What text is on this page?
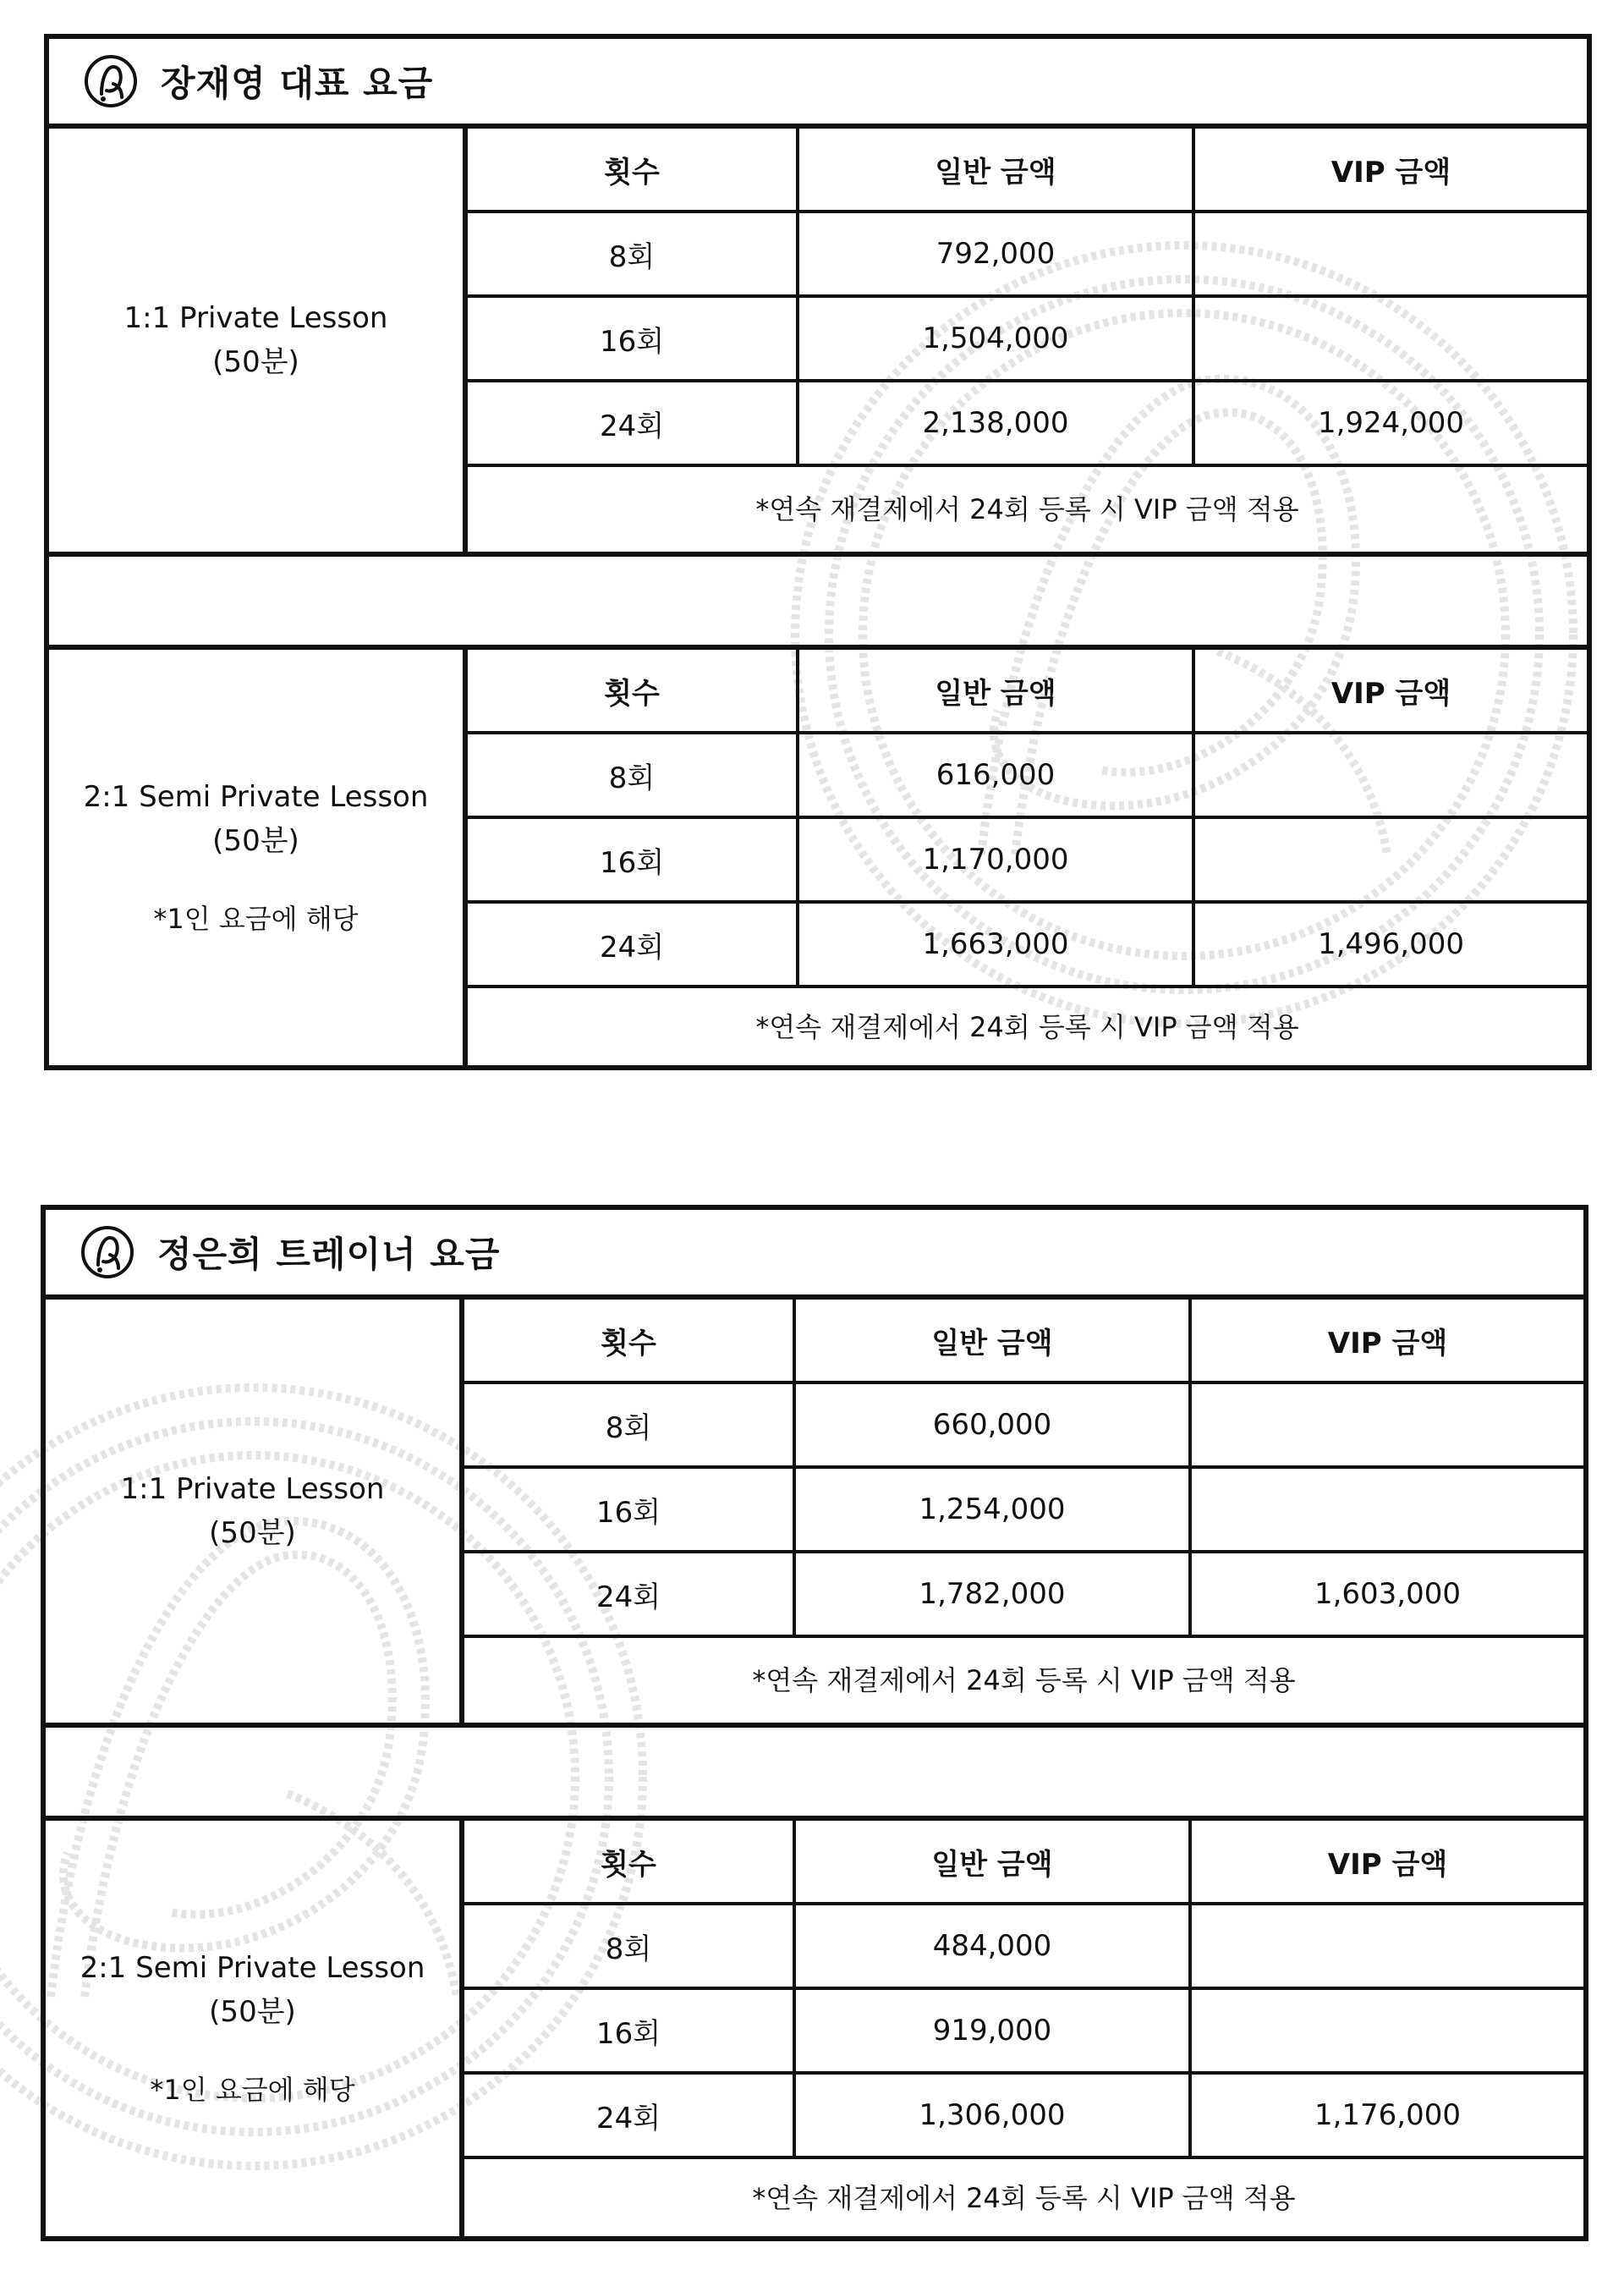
장재영 대표 요금
1:1 Private Lesson
(50분)
횟수	일반 금액	VIP 금액
8회	792,000
16회	1,504,000
24회	2,138,000	1,924,000
*연속 재결제에서 24회 등록 시 VIP 금액 적용
2:1 Semi Private Lesson
(50분)
*1인 요금에 해당
횟수	일반 금액	VIP 금액
8회	616,000
16회	1,170,000
24회	1,663,000	1,496,000
*연속 재결제에서 24회 등록 시 VIP 금액 적용
정은희 트레이너 요금
1:1 Private Lesson
(50분)
횟수	일반 금액	VIP 금액
8회	660,000
16회	1,254,000
24회	1,782,000	1,603,000
*연속 재결제에서 24회 등록 시 VIP 금액 적용
2:1 Semi Private Lesson
(50분)
*1인 요금에 해당
횟수	일반 금액	VIP 금액
8회	484,000
16회	919,000
24회	1,306,000	1,176,000
*연속 재결제에서 24회 등록 시 VIP 금액 적용
